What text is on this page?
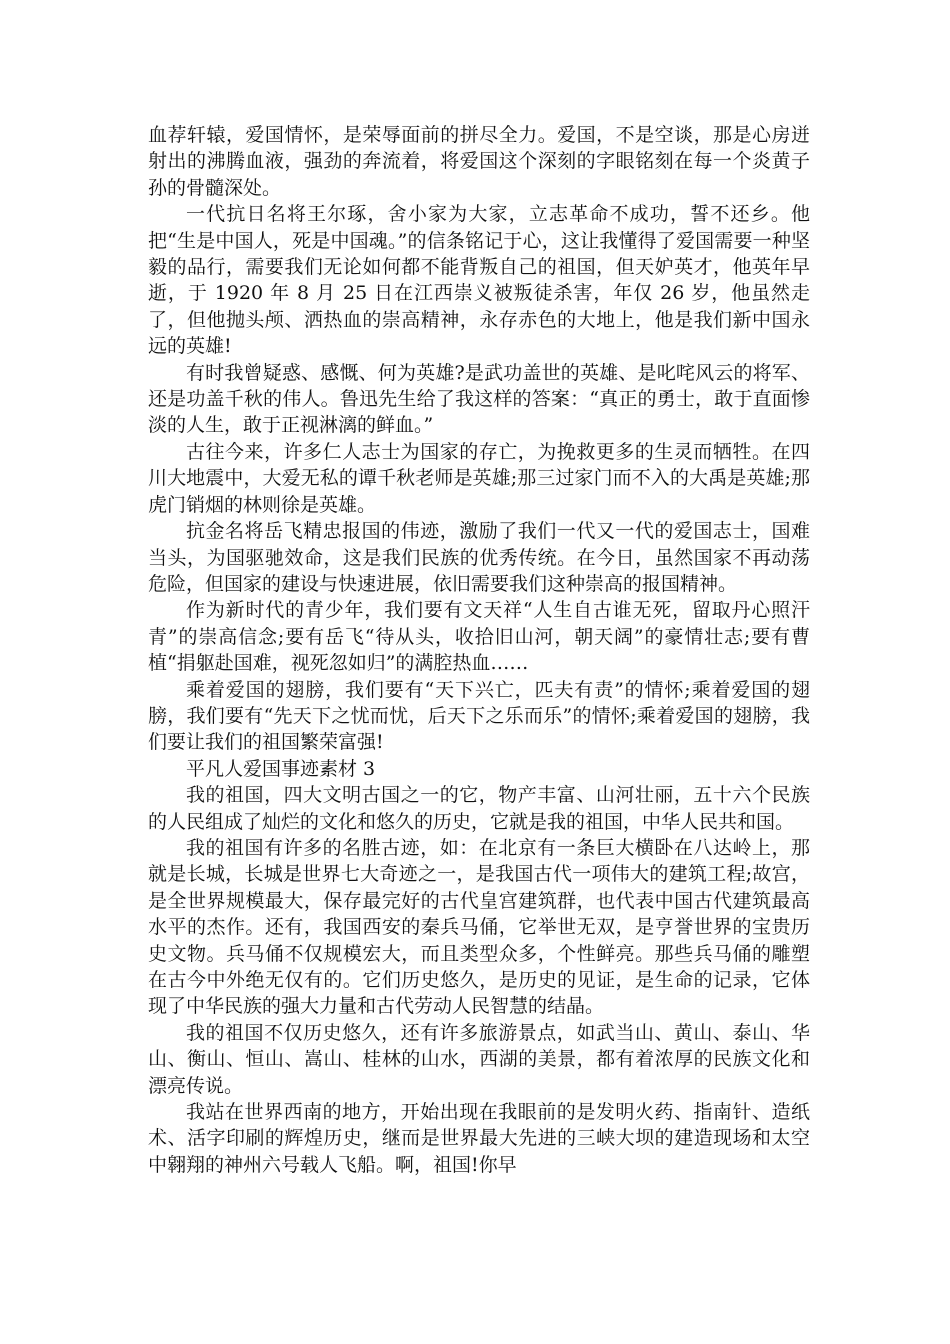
血荐轩辕，爱国情怀，是荣辱面前的拼尽全力。爱国，不是空谈，那是心房迸射出的沸腾血液，强劲的奔流着，将爱国这个深刻的字眼铭刻在每一个炎黄子孙的骨髓深处。

一代抗日名将王尔琢，舍小家为大家，立志革命不成功，誓不还乡。他把“生是中国人，死是中国魂。”的信条铭记于心，这让我懂得了爱国需要一种坚毅的品行，需要我们无论如何都不能背叛自己的祖国，但天妒英才，他英年早逝，于 1920 年 8 月 25 日在江西崇义被叛徒杀害，年仅 26 岁，他虽然走了，但他抛头颅、洒热血的崇高精神，永存赤色的大地上，他是我们新中国永远的英雄!

有时我曾疑惑、感慨、何为英雄?是武功盖世的英雄、是叱咤风云的将军、还是功盖千秋的伟人。鲁迅先生给了我这样的答案：“真正的勇士，敢于直面惨淡的人生，敢于正视淋漓的鲜血。”

古往今来，许多仁人志士为国家的存亡，为挽救更多的生灵而牺牲。在四川大地震中，大爱无私的谭千秋老师是英雄;那三过家门而不入的大禹是英雄;那虎门销烟的林则徐是英雄。

抗金名将岳飞精忠报国的伟迹，激励了我们一代又一代的爱国志士，国难当头，为国驱驰效命，这是我们民族的优秀传统。在今日，虽然国家不再动荡危险，但国家的建设与快速进展，依旧需要我们这种崇高的报国精神。

作为新时代的青少年，我们要有文天祥“人生自古谁无死，留取丹心照汗青”的崇高信念;要有岳飞“待从头，收拾旧山河，朝天阔”的豪情壮志;要有曹植“捐躯赴国难，视死忽如归”的满腔热血……

乘着爱国的翅膀，我们要有“天下兴亡，匹夫有责”的情怀;乘着爱国的翅膀，我们要有“先天下之忧而忧，后天下之乐而乐”的情怀;乘着爱国的翅膀，我们要让我们的祖国繁荣富强!

平凡人爱国事迹素材 3

我的祖国，四大文明古国之一的它，物产丰富、山河壮丽，五十六个民族的人民组成了灿烂的文化和悠久的历史，它就是我的祖国，中华人民共和国。

我的祖国有许多的名胜古迹，如：在北京有一条巨大横卧在八达岭上，那就是长城，长城是世界七大奇迹之一，是我国古代一项伟大的建筑工程;故宫，是全世界规模最大，保存最完好的古代皇宫建筑群，也代表中国古代建筑最高水平的杰作。还有，我国西安的秦兵马俑，它举世无双，是亨誉世界的宝贵历史文物。兵马俑不仅规模宏大，而且类型众多，个性鲜亮。那些兵马俑的雕塑在古今中外绝无仅有的。它们历史悠久，是历史的见证，是生命的记录，它体现了中华民族的强大力量和古代劳动人民智慧的结晶。

我的祖国不仅历史悠久，还有许多旅游景点，如武当山、黄山、泰山、华山、衡山、恒山、嵩山、桂林的山水，西湖的美景，都有着浓厚的民族文化和漂亮传说。

我站在世界西南的地方，开始出现在我眼前的是发明火药、指南针、造纸术、活字印刷的辉煌历史，继而是世界最大先进的三峡大坝的建造现场和太空中翱翔的神州六号载人飞船。啊，祖国!你早
